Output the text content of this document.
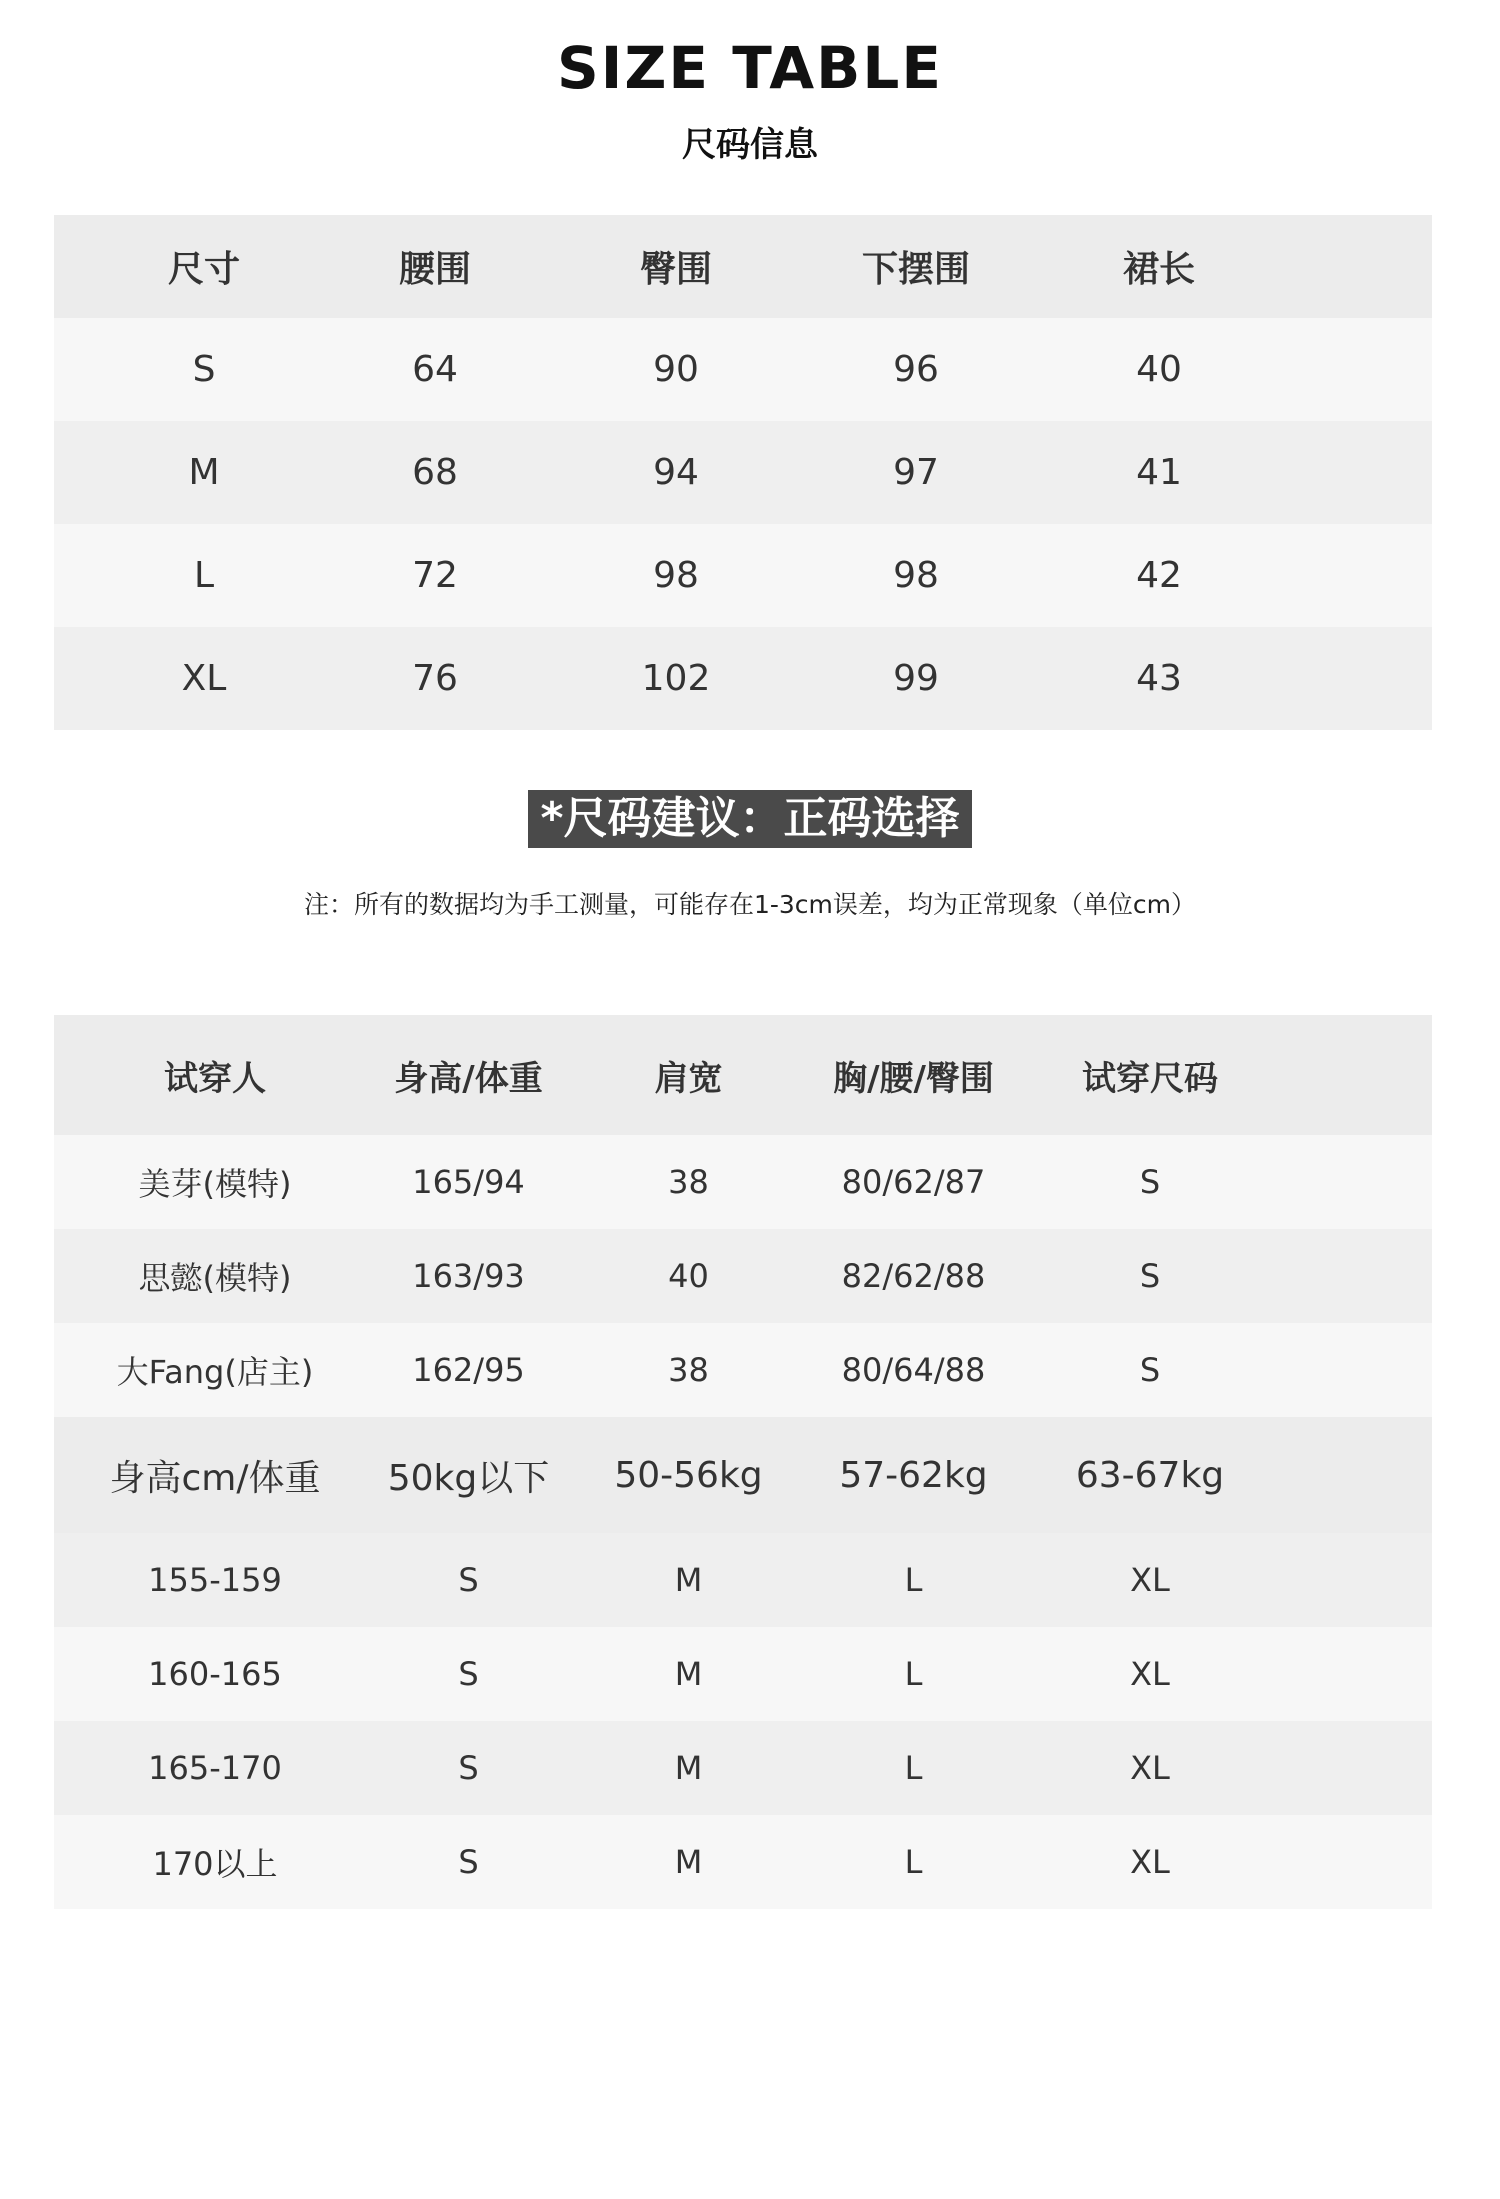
SIZE TABLE
尺码信息
尺寸	腰围	臀围	下摆围	裙长	
S	64	90	96	40	
M	68	94	97	41	
L	72	98	98	42	
XL	76	102	99	43	
*尺码建议：正码选择
注：所有的数据均为手工测量，可能存在1-3cm误差，均为正常现象（单位cm）
试穿人	身高/体重	肩宽	胸/腰/臀围	试穿尺码	
美芽(模特)	165/94	38	80/62/87	S	
思懿(模特)	163/93	40	82/62/88	S	
大Fang(店主)	162/95	38	80/64/88	S	
身高cm/体重	50kg以下	50-56kg	57-62kg	63-67kg	
155-159	S	M	L	XL	
160-165	S	M	L	XL	
165-170	S	M	L	XL	
170以上	S	M	L	XL	
